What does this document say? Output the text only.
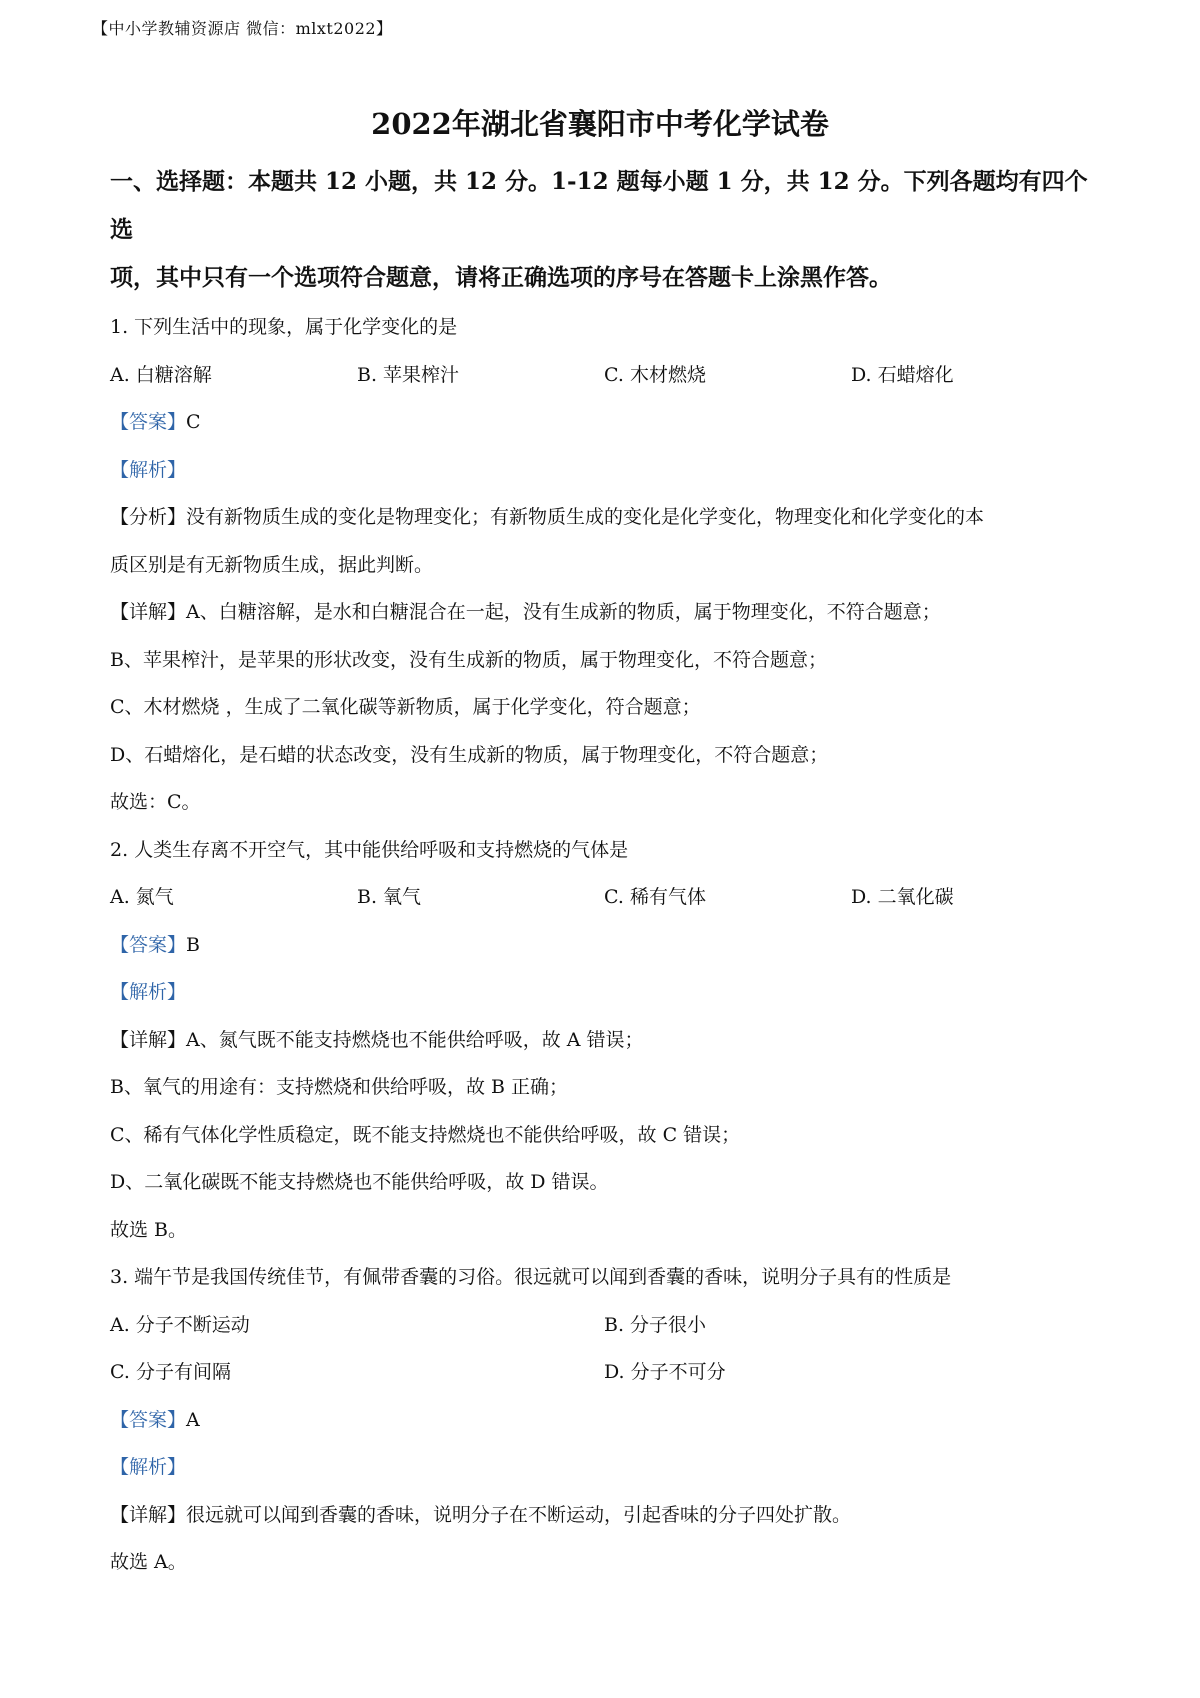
【中小学教辅资源店 微信：mlxt2022】
2022年湖北省襄阳市中考化学试卷
一、选择题：本题共 12 小题，共 12 分。1-12 题每小题 1 分，共 12 分。下列各题均有四个选
项，其中只有一个选项符合题意，请将正确选项的序号在答题卡上涂黑作答。
1. 下列生活中的现象，属于化学变化的是
A. 白糖溶解	B. 苹果榨汁	C. 木材燃烧	D. 石蜡熔化
【答案】C
【解析】
【分析】没有新物质生成的变化是物理变化；有新物质生成的变化是化学变化，物理变化和化学变化的本
质区别是有无新物质生成，据此判断。
【详解】A、白糖溶解，是水和白糖混合在一起，没有生成新的物质，属于物理变化，不符合题意；
B、苹果榨汁，是苹果的形状改变，没有生成新的物质，属于物理变化，不符合题意；
C、木材燃烧 ，生成了二氧化碳等新物质，属于化学变化，符合题意；
D、石蜡熔化，是石蜡的状态改变，没有生成新的物质，属于物理变化，不符合题意；
故选：C。
2. 人类生存离不开空气，其中能供给呼吸和支持燃烧的气体是
A. 氮气	B. 氧气	C. 稀有气体	D. 二氧化碳
【答案】B
【解析】
【详解】A、氮气既不能支持燃烧也不能供给呼吸，故 A 错误；
B、氧气的用途有：支持燃烧和供给呼吸，故 B 正确；
C、稀有气体化学性质稳定，既不能支持燃烧也不能供给呼吸，故 C 错误；
D、二氧化碳既不能支持燃烧也不能供给呼吸，故 D 错误。
故选 B。
3. 端午节是我国传统佳节，有佩带香囊的习俗。很远就可以闻到香囊的香味，说明分子具有的性质是
A. 分子不断运动	B. 分子很小
C. 分子有间隔	D. 分子不可分
【答案】A
【解析】
【详解】很远就可以闻到香囊的香味，说明分子在不断运动，引起香味的分子四处扩散。
故选 A。
